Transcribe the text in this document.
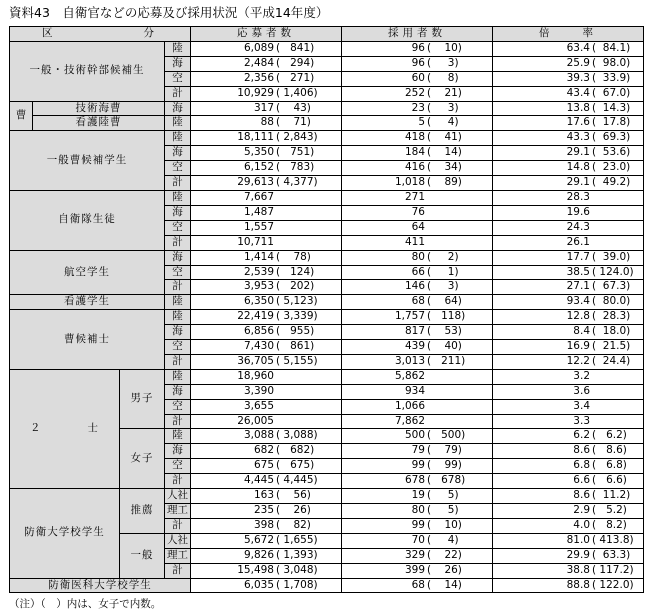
資料43　自衛官などの応募及び採用状況（平成14年度）
区　　　　　　分				応募者数	採用者数	倍　　率
一般・技術幹部候補生			陸	6,089 (   841)	96 (    10)	63.4 (  84.1)
			海	2,484 (   294)	96 (     3)	25.9 (  98.0)
			空	2,356 (   271)	60 (     8)	39.3 (  33.9)
			計	10,929 ( 1,406)	252 (    21)	43.4 (  67.0)
曹	技術海曹		海	317 (    43)	23 (     3)	13.8 (  14.3)
	看護陸曹		陸	88 (    71)	5 (     4)	17.6 (  17.8)
一般曹候補学生			陸	18,111 ( 2,843)	418 (    41)	43.3 (  69.3)
			海	5,350 (   751)	184 (    14)	29.1 (  53.6)
			空	6,152 (   783)	416 (    34)	14.8 (  23.0)
			計	29,613 ( 4,377)	1,018 (    89)	29.1 (  49.2)
自衛隊生徒			陸	7,667	271	28.3
			海	1,487	76	19.6
			空	1,557	64	24.3
			計	10,711	411	26.1
航空学生			海	1,414 (    78)	80 (     2)	17.7 (  39.0)
			空	2,539 (   124)	66 (     1)	38.5 ( 124.0)
			計	3,953 (   202)	146 (     3)	27.1 (  67.3)
看護学生			陸	6,350 ( 5,123)	68 (    64)	93.4 (  80.0)
曹候補士			陸	22,419 ( 3,339)	1,757 (   118)	12.8 (  28.3)
			海	6,856 (   955)	817 (    53)	8.4 (  18.0)
			空	7,430 (   861)	439 (    40)	16.9 (  21.5)
			計	36,705 ( 5,155)	3,013 (   211)	12.2 (  24.4)
２　　　　士		男子	陸	18,960	5,862	3.2
			海	3,390	934	3.6
			空	3,655	1,066	3.4
			計	26,005	7,862	3.3
		女子	陸	3,088 ( 3,088)	500 (   500)	6.2 (   6.2)
			海	682 (   682)	79 (    79)	8.6 (   8.6)
			空	675 (   675)	99 (    99)	6.8 (   6.8)
			計	4,445 ( 4,445)	678 (   678)	6.6 (   6.6)
防衛大学校学生		推薦	人社	163 (    56)	19 (     5)	8.6 (  11.2)
			理工	235 (    26)	80 (     5)	2.9 (   5.2)
			計	398 (    82)	99 (    10)	4.0 (   8.2)
		一般	人社	5,672 ( 1,655)	70 (     4)	81.0 ( 413.8)
			理工	9,826 ( 1,393)	329 (    22)	29.9 (  63.3)
			計	15,498 ( 3,048)	399 (    26)	38.8 ( 117.2)
防衛医科大学校学生				6,035 ( 1,708)	68 (    14)	88.8 ( 122.0)
（注）（　）内は、女子で内数。
